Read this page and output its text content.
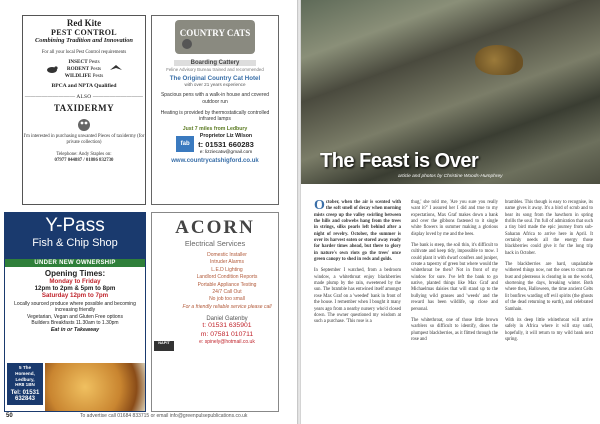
Red Kite
PEST CONTROL
Combining Tradition and Innovation
For all your local Pest Control requirements
INSECT Pests
RODENT Pests
WILDLIFE Pests
BPCA and NPTA Qualified
————————— ALSO —————————
TAXIDERMY
I'm interested in purchasing unwanted Pieces of taxidermy (for private collection)
Telephone: Andy Staples on:
07977 044887 / 01886 832730
COUNTRY CATS
Boarding Cattery
Feline Advisory Bureau trained and recommended
The Original Country Cat Hotel
with over 21 years experience
Spacious pens with a walk-in house and covered outdoor run
Heating is provided by thermostatically controlled infrared lamps
Just 7 miles from Ledbury
fab
Proprietor Liz Wilson
t: 01531 660283
e: lizziecatw@gmail.com
www.countrycatshigford.co.uk
Y-Pass
Fish & Chip Shop
UNDER NEW OWNERSHIP
Opening Times:
Monday to Friday
12pm to 2pm & 5pm to 8pm
Saturday 12pm to 7pm
Locally sourced produce where possible and becoming increasing friendly
Vegetarian, Vegan and Gluten Free options
Builders Breakfasts 11.30am to 1.30pm
Eat in or Takeaway
5 The Homend,
Ledbury,
HR8 1BN
Tel: 01531
632843
ACORN
Electrical Services
Domestic Installer
Intruder Alarms
L.E.D Lighting
Landlord Condition Reports
Portable Appliance Testing
24/7 Call Out
No job too small
For a friendly reliable service please call
Daniel Gatenby
t: 01531 635901
m: 07581 010711
e: spinely@hotmail.co.uk
NAPIT
50	To advertise call 01684 833715 or email info@greenpulsepublications.co.uk
The Feast is Over
article and photos by Christine Woods-Humphrey

October, when the air is scented with the soft smell of decay when morning mists creep up the valley swirling between the hills and cobwebs hang from the trees in strings, silks pearls left behind after a night of revelry. October, the summer is over its harvest eaten or stored away ready for harder times ahead, but there to glory in nature's own riots go the trees' once green canopy to shed in reds and golds.

In September I watched, from a bedroom window, a whitethroat enjoy blackberries made plump by the rain, sweetened by the sun. The bramble has entwined itself amongst rose Max Graf on a 'weeded' bank in front of the house. I remember when I bought it many years ago from a nearby nursery who'd closed down. The owner questioned my wisdom at such a purchase. 'This rose is a

thug,' she told me, 'Are you sure you really want it?' I assured her I did and true to my expectations, Max Graf makes down a bank and over the gibbons fastened to it single white flowers in summer making a glorious display loved by me and the bees.

The bank is steep, the soil thin, it's difficult to cultivate and keep tidy, impossible to mow. I could plant it with dwarf conifers and juniper, create a tapestry of green but where would the whitethroat be then? Not in front of my window for sure. I've left the bank to go native, planted things like Max Graf and Michaelmas daisies that will stand up to the bullying wild grasses and 'weeds' and the reward has been wildlife, up close and personal.

The whitethroat, one of those little brown warblers so difficult to identify, dines the plumpest blackberries, as it flitted through the rose and

brambles. This though is easy to recognise, its name gives it away. It's a bird of scrub and to hear its song from the hawthorn in spring thrills the soul. I'm full of admiration that such a tiny bird made the epic journey from sub-Saharan Africa to arrive here in April. It certainly needs all the energy those blackberries could give it for the long trip back in October.

The blackberries are hard, unpalatable withered things now, not the ones to cram me bust and plenteous is clearing in on the world, shortening the days, breaking winter. Both where then, Halloween, the time ancient Celts lit bonfires warding off evil spirits (the ghosts of the dead returning to earth), and celebrated Samhain.

With its deep little whitethroat will arrive safely in Africa where it will stay until, hopefully, it will return to my wild bank next spring.
